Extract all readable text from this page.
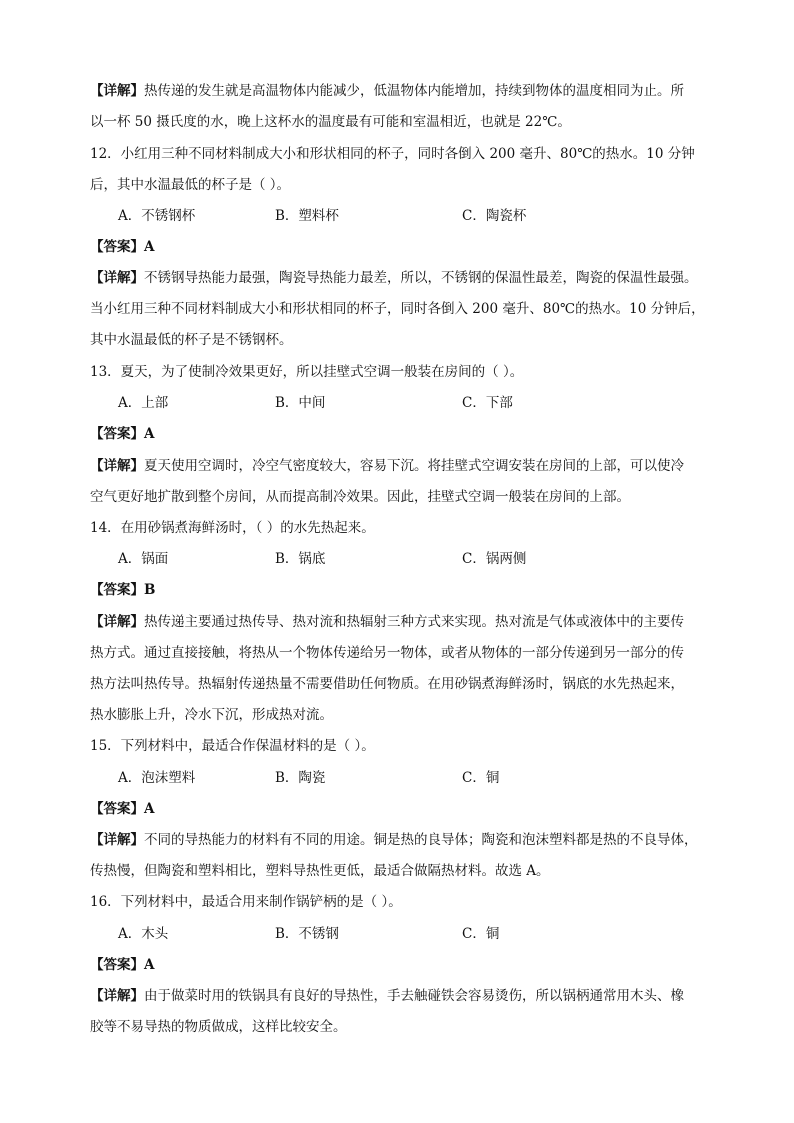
【详解】热传递的发生就是高温物体内能减少，低温物体内能增加，持续到物体的温度相同为止。所
以一杯 50 摄氏度的水，晚上这杯水的温度最有可能和室温相近，也就是 22℃。
12．小红用三种不同材料制成大小和形状相同的杯子，同时各倒入 200 毫升、80℃的热水。10 分钟
后，其中水温最低的杯子是（ ）。
A．不锈钢杯	B．塑料杯	C．陶瓷杯
【答案】A
【详解】不锈钢导热能力最强，陶瓷导热能力最差，所以，不锈钢的保温性最差，陶瓷的保温性最强。
当小红用三种不同材料制成大小和形状相同的杯子，同时各倒入 200 毫升、80℃的热水。10 分钟后，
其中水温最低的杯子是不锈钢杯。
13．夏天，为了使制冷效果更好，所以挂壁式空调一般装在房间的（ ）。
A．上部	B．中间	C．下部
【答案】A
【详解】夏天使用空调时，冷空气密度较大，容易下沉。将挂壁式空调安装在房间的上部，可以使冷
空气更好地扩散到整个房间，从而提高制冷效果。因此，挂壁式空调一般装在房间的上部。
14．在用砂锅煮海鲜汤时，（ ）的水先热起来。
A．锅面	B．锅底	C．锅两侧
【答案】B
【详解】热传递主要通过热传导、热对流和热辐射三种方式来实现。热对流是气体或液体中的主要传
热方式。通过直接接触，将热从一个物体传递给另一物体，或者从物体的一部分传递到另一部分的传
热方法叫热传导。热辐射传递热量不需要借助任何物质。在用砂锅煮海鲜汤时，锅底的水先热起来，
热水膨胀上升，冷水下沉，形成热对流。
15．下列材料中，最适合作保温材料的是（ ）。
A．泡沫塑料	B．陶瓷	C．铜
【答案】A
【详解】不同的导热能力的材料有不同的用途。铜是热的良导体；陶瓷和泡沫塑料都是热的不良导体，
传热慢，但陶瓷和塑料相比，塑料导热性更低，最适合做隔热材料。故选 A。
16．下列材料中，最适合用来制作锅铲柄的是（ ）。
A．木头	B．不锈钢	C．铜
【答案】A
【详解】由于做菜时用的铁锅具有良好的导热性，手去触碰铁会容易烫伤，所以锅柄通常用木头、橡
胶等不易导热的物质做成，这样比较安全。
